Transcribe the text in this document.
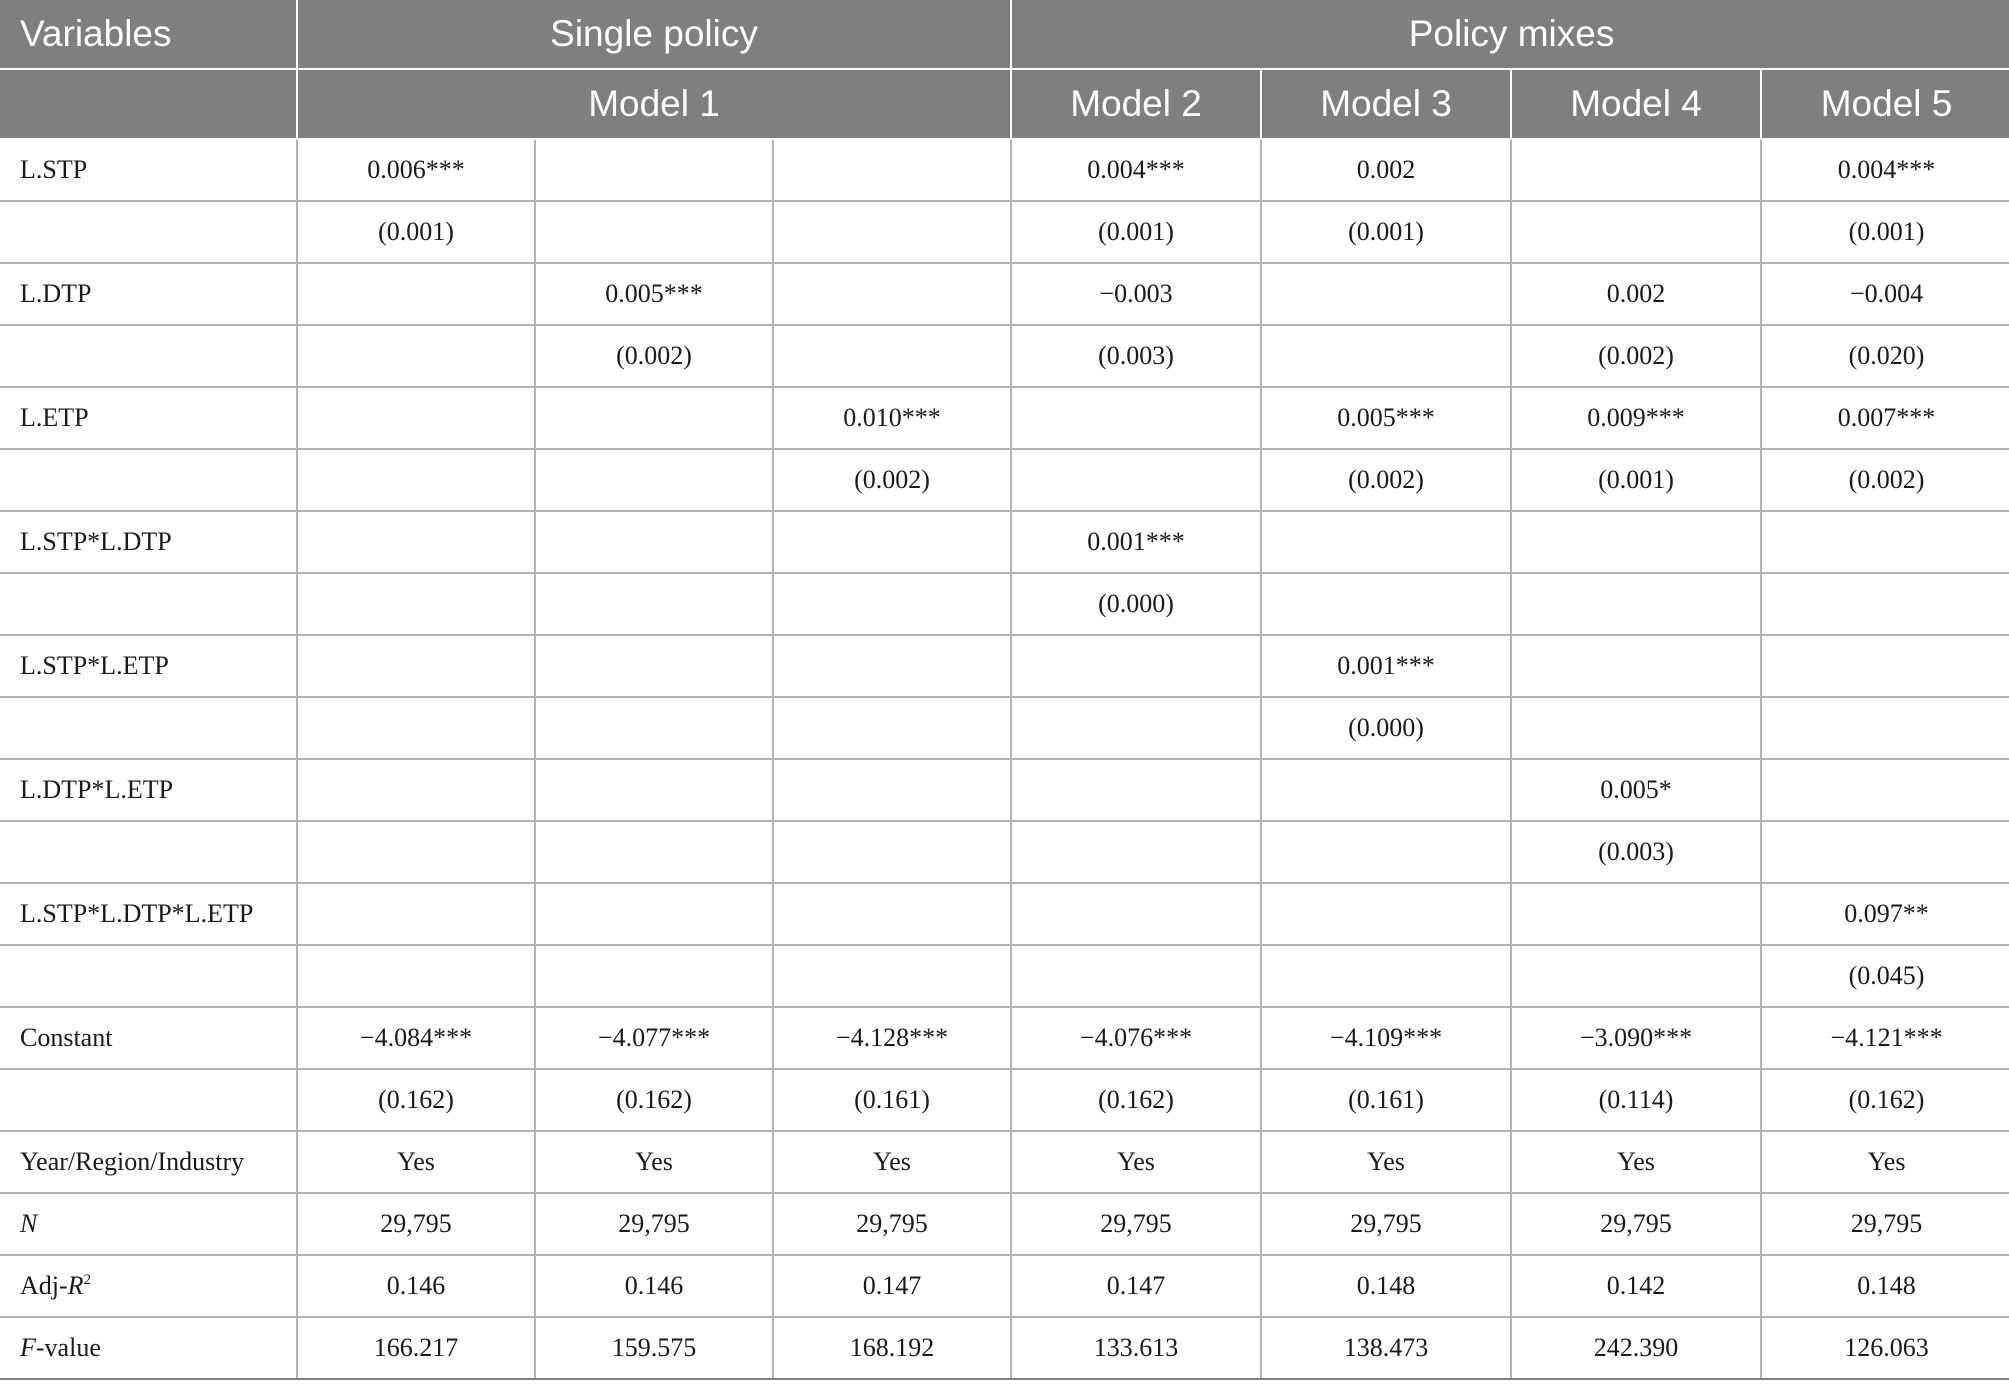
Variables	Single policy			Policy mixes			
	Model 1			Model 2	Model 3	Model 4	Model 5
L.STP	0.006***			0.004***	0.002		0.004***
	(0.001)			(0.001)	(0.001)		(0.001)
L.DTP		0.005***		−0.003		0.002	−0.004
		(0.002)		(0.003)		(0.002)	(0.020)
L.ETP			0.010***		0.005***	0.009***	0.007***
			(0.002)		(0.002)	(0.001)	(0.002)
L.STP*L.DTP				0.001***			
				(0.000)			
L.STP*L.ETP					0.001***		
					(0.000)		
L.DTP*L.ETP						0.005*	
						(0.003)	
L.STP*L.DTP*L.ETP							0.097**
							(0.045)
Constant	−4.084***	−4.077***	−4.128***	−4.076***	−4.109***	−3.090***	−4.121***
	(0.162)	(0.162)	(0.161)	(0.162)	(0.161)	(0.114)	(0.162)
Year/Region/Industry	Yes	Yes	Yes	Yes	Yes	Yes	Yes
N	29,795	29,795	29,795	29,795	29,795	29,795	29,795
Adj-$R^2$	0.146	0.146	0.147	0.147	0.148	0.142	0.148
F-value	166.217	159.575	168.192	133.613	138.473	242.390	126.063
